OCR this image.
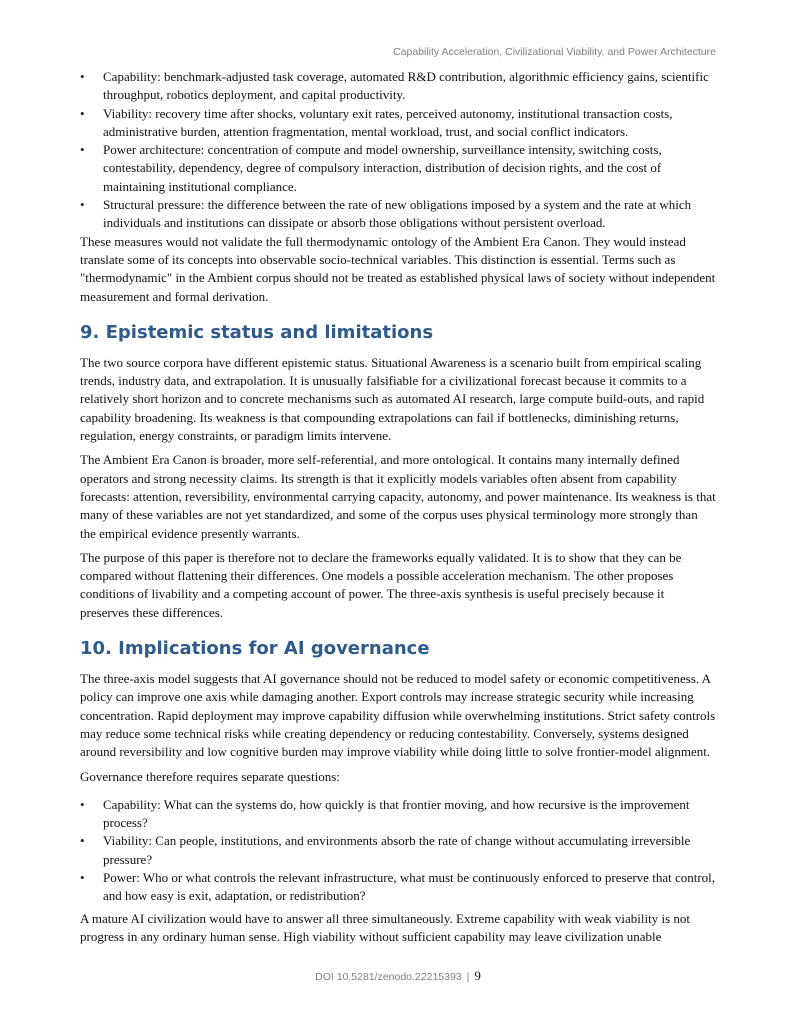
Capability Acceleration, Civilizational Viability, and Power Architecture
• Capability: benchmark-adjusted task coverage, automated R&D contribution, algorithmic efficiency gains, scientific throughput, robotics deployment, and capital productivity.
• Viability: recovery time after shocks, voluntary exit rates, perceived autonomy, institutional transaction costs, administrative burden, attention fragmentation, mental workload, trust, and social conflict indicators.
• Power architecture: concentration of compute and model ownership, surveillance intensity, switching costs, contestability, dependency, degree of compulsory interaction, distribution of decision rights, and the cost of maintaining institutional compliance.
• Structural pressure: the difference between the rate of new obligations imposed by a system and the rate at which individuals and institutions can dissipate or absorb those obligations without persistent overload.

These measures would not validate the full thermodynamic ontology of the Ambient Era Canon. They would instead translate some of its concepts into observable socio-technical variables. This distinction is essential. Terms such as "thermodynamic" in the Ambient corpus should not be treated as established physical laws of society without independent measurement and formal derivation.

9. Epistemic status and limitations

The two source corpora have different epistemic status. Situational Awareness is a scenario built from empirical scaling trends, industry data, and extrapolation. It is unusually falsifiable for a civilizational forecast because it commits to a relatively short horizon and to concrete mechanisms such as automated AI research, large compute build-outs, and rapid capability broadening. Its weakness is that compounding extrapolations can fail if bottlenecks, diminishing returns, regulation, energy constraints, or paradigm limits intervene.

The Ambient Era Canon is broader, more self-referential, and more ontological. It contains many internally defined operators and strong necessity claims. Its strength is that it explicitly models variables often absent from capability forecasts: attention, reversibility, environmental carrying capacity, autonomy, and power maintenance. Its weakness is that many of these variables are not yet standardized, and some of the corpus uses physical terminology more strongly than the empirical evidence presently warrants.

The purpose of this paper is therefore not to declare the frameworks equally validated. It is to show that they can be compared without flattening their differences. One models a possible acceleration mechanism. The other proposes conditions of livability and a competing account of power. The three-axis synthesis is useful precisely because it preserves these differences.

10. Implications for AI governance

The three-axis model suggests that AI governance should not be reduced to model safety or economic competitiveness. A policy can improve one axis while damaging another. Export controls may increase strategic security while increasing concentration. Rapid deployment may improve capability diffusion while overwhelming institutions. Strict safety controls may reduce some technical risks while creating dependency or reducing contestability. Conversely, systems designed around reversibility and low cognitive burden may improve viability while doing little to solve frontier-model alignment.

Governance therefore requires separate questions:

• Capability: What can the systems do, how quickly is that frontier moving, and how recursive is the improvement process?
• Viability: Can people, institutions, and environments absorb the rate of change without accumulating irreversible pressure?
• Power: Who or what controls the relevant infrastructure, what must be continuously enforced to preserve that control, and how easy is exit, adaptation, or redistribution?

A mature AI civilization would have to answer all three simultaneously. Extreme capability with weak viability is not progress in any ordinary human sense. High viability without sufficient capability may leave civilization unable

DOI 10.5281/zenodo.22215393 | 9
